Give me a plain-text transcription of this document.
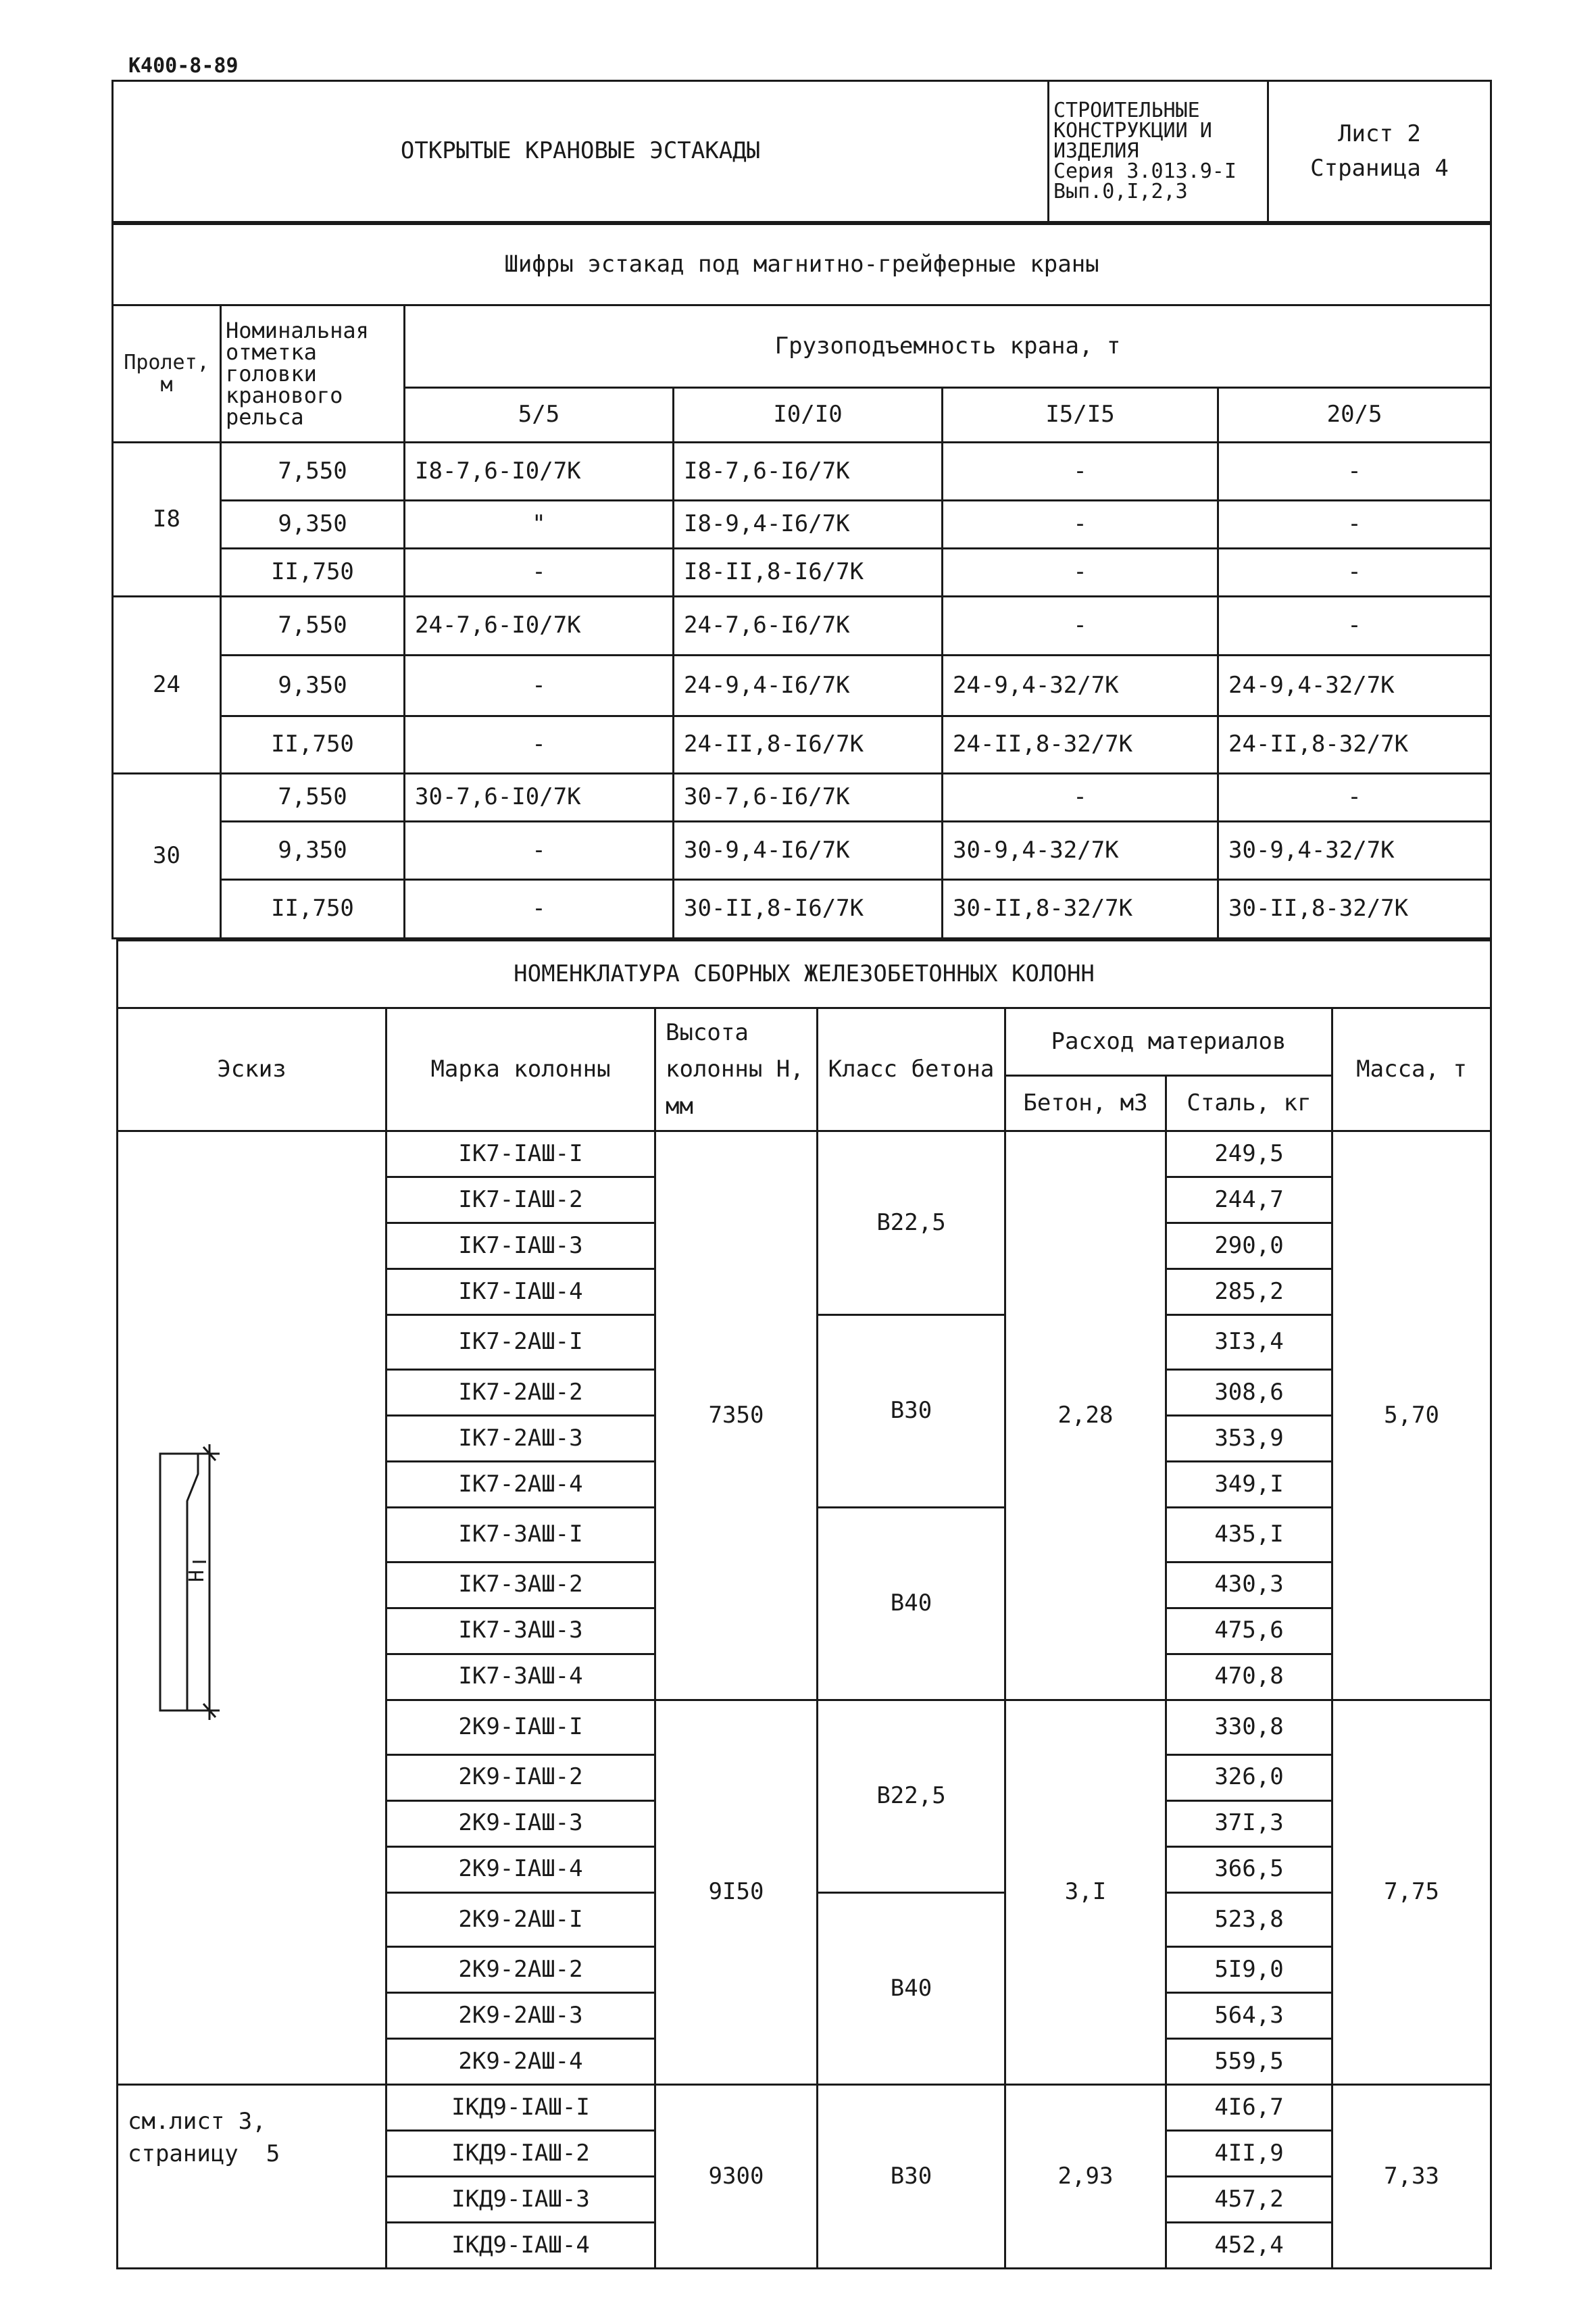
К400-8-89
ОТКРЫТЫЕ КРАНОВЫЕ ЭСТАКАДЫ	
СТРОИТЕЛЬНЫЕ
КОНСТРУКЦИИ И
ИЗДЕЛИЯ
Серия 3.013.9-I
Вып.0,I,2,3

Лист 2
Страница 4
Шифры эстакад под магнитно-грейферные краны					
Пролет, м	Номинальная отметка головки кранового рельса	Грузоподъемность крана, т			
		5/5	I0/I0	I5/I5	20/5
I8	7,550	I8-7,6-I0/7К	I8-7,6-I6/7К	-	-
	9,350	"	I8-9,4-I6/7К	-	-
	II,750	-	I8-II,8-I6/7К	-	-
24	7,550	24-7,6-I0/7К	24-7,6-I6/7К	-	-
	9,350	-	24-9,4-I6/7К	24-9,4-32/7К	24-9,4-32/7К
	II,750	-	24-II,8-I6/7К	24-II,8-32/7К	24-II,8-32/7К
30	7,550	30-7,6-I0/7К	30-7,6-I6/7К	-	-
	9,350	-	30-9,4-I6/7К	30-9,4-32/7К	30-9,4-32/7К
	II,750	-	30-II,8-I6/7К	30-II,8-32/7К	30-II,8-32/7К
НОМЕНКЛАТУРА СБОРНЫХ ЖЕЛЕЗОБЕТОННЫХ КОЛОНН						
Эскиз	Марка колонны	Высота колонны Н, мм	Класс бетона	Расход материалов		Масса, т
				Бетон, м3	Сталь, кг	

Н	IК7-IАШ-I	7350	В22,5	2,28	249,5	5,70
	IК7-IАШ-2				244,7	
	IК7-IАШ-3				290,0	
	IК7-IАШ-4				285,2	
	IК7-2АШ-I		В30		3I3,4	
	IК7-2АШ-2				308,6	
	IК7-2АШ-3				353,9	
	IК7-2АШ-4				349,I	
	IК7-3АШ-I		В40		435,I	
	IК7-3АШ-2				430,3	
	IК7-3АШ-3				475,6	
	IК7-3АШ-4				470,8	
	2К9-IАШ-I	9I50	В22,5	3,I	330,8	7,75
	2К9-IАШ-2				326,0	
	2К9-IАШ-3				37I,3	
	2К9-IАШ-4				366,5	
	2К9-2АШ-I		В40		523,8	
	2К9-2АШ-2				5I9,0	
	2К9-2АШ-3				564,3	
	2К9-2АШ-4				559,5	

см.лист 3,
страницу  5	IКД9-IАШ-I	9300	В30	2,93	4I6,7	7,33
	IКД9-IАШ-2				4II,9	
	IКД9-IАШ-3				457,2	
	IКД9-IАШ-4				452,4	
